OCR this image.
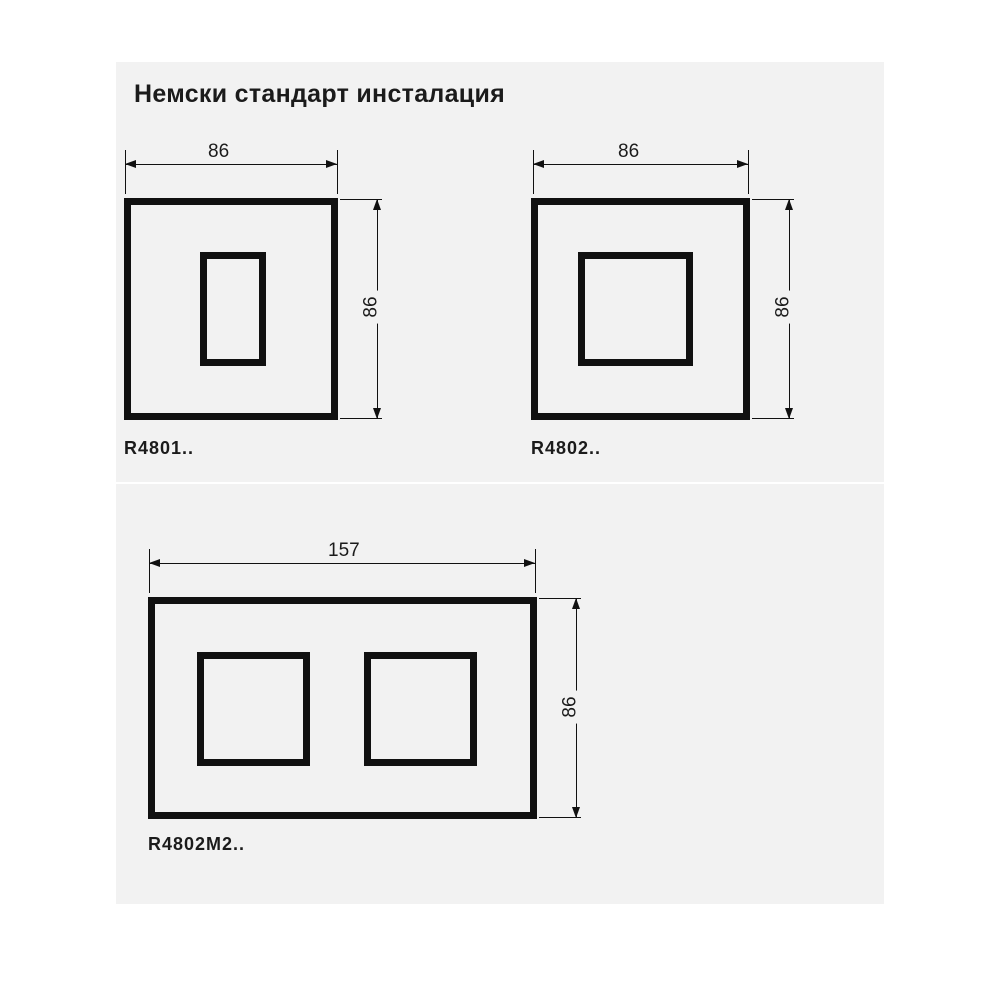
Немски стандарт инсталация
86
86
R4801..
86
86
R4802..
157
86
R4802M2..
